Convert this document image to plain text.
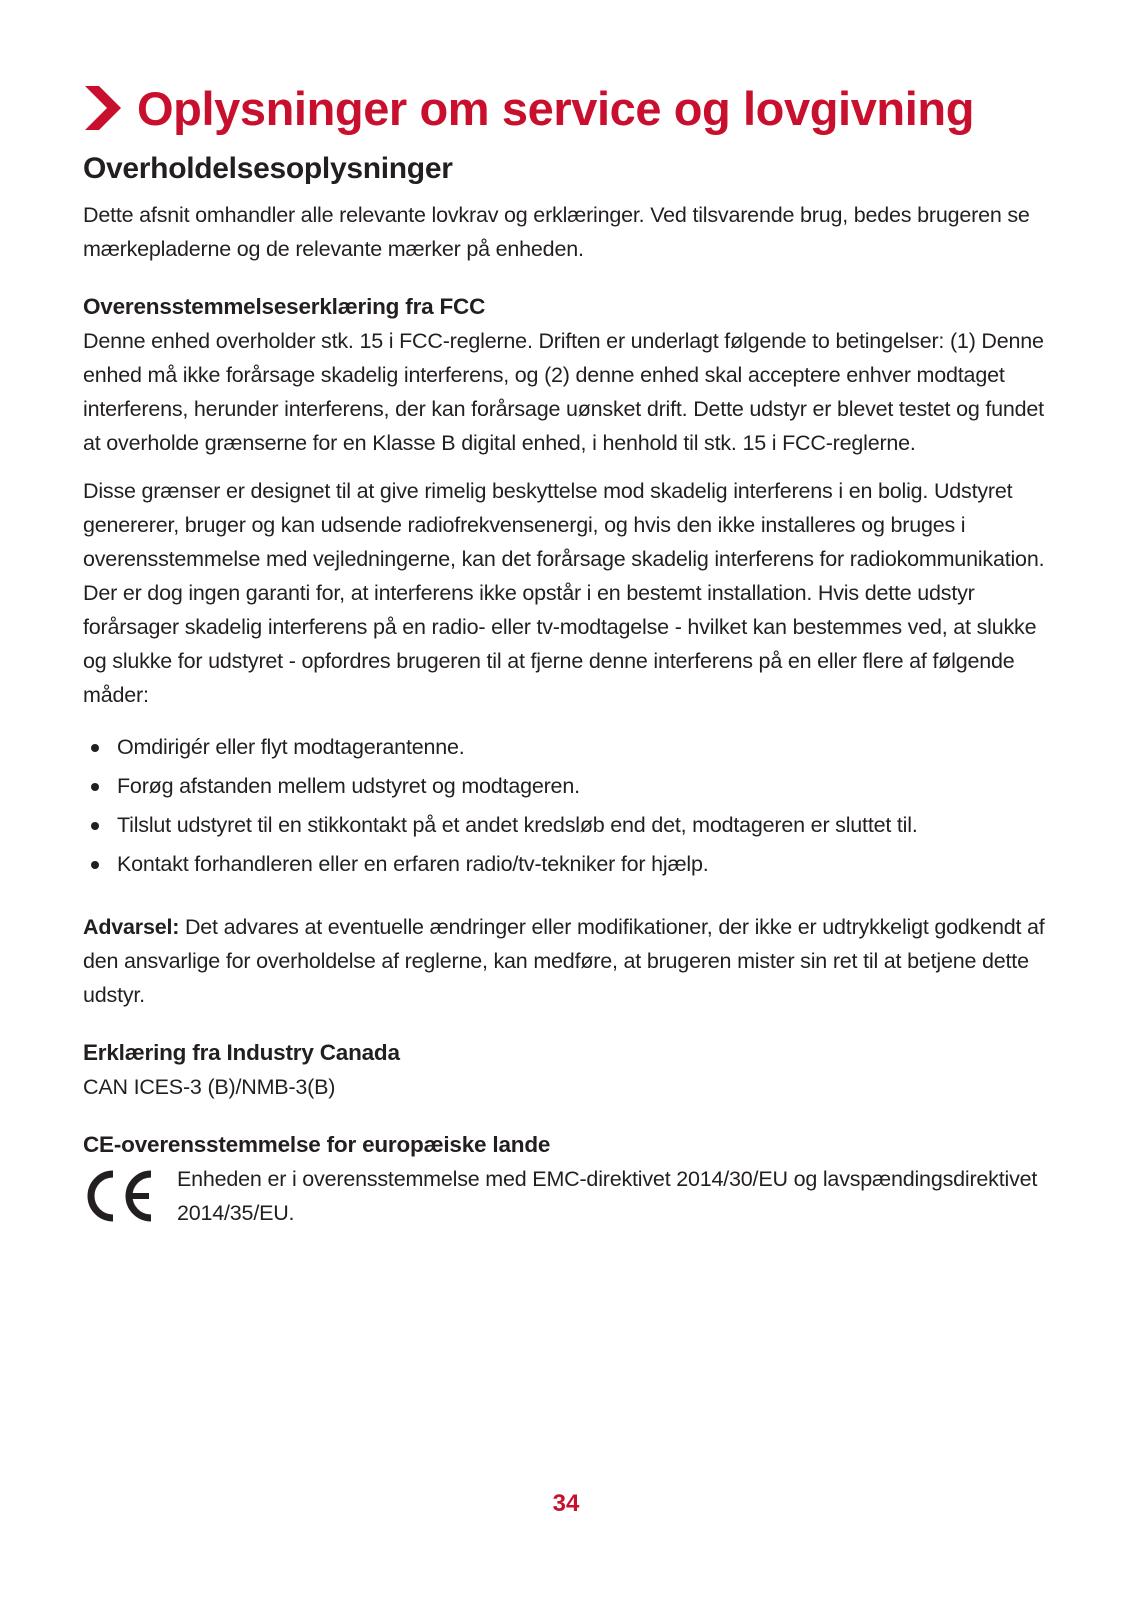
Oplysninger om service og lovgivning
Overholdelsesoplysninger

Dette afsnit omhandler alle relevante lovkrav og erklæringer. Ved tilsvarende brug, bedes brugeren se mærkepladerne og de relevante mærker på enheden.

Overensstemmelseserklæring fra FCC

Denne enhed overholder stk. 15 i FCC-reglerne. Driften er underlagt følgende to betingelser: (1) Denne enhed må ikke forårsage skadelig interferens, og (2) denne enhed skal acceptere enhver modtaget interferens, herunder interferens, der kan forårsage uønsket drift. Dette udstyr er blevet testet og fundet at overholde grænserne for en Klasse B digital enhed, i henhold til stk. 15 i FCC-reglerne.

Disse grænser er designet til at give rimelig beskyttelse mod skadelig interferens i en bolig. Udstyret genererer, bruger og kan udsende radiofrekvensenergi, og hvis den ikke installeres og bruges i overensstemmelse med vejledningerne, kan det forårsage skadelig interferens for radiokommunikation. Der er dog ingen garanti for, at interferens ikke opstår i en bestemt installation. Hvis dette udstyr forårsager skadelig interferens på en radio- eller tv-modtagelse - hvilket kan bestemmes ved, at slukke og slukke for udstyret - opfordres brugeren til at fjerne denne interferens på en eller flere af følgende måder:

Omdirigér eller flyt modtagerantenne.
Forøg afstanden mellem udstyret og modtageren.
Tilslut udstyret til en stikkontakt på et andet kredsløb end det, modtageren er sluttet til.
Kontakt forhandleren eller en erfaren radio/tv-tekniker for hjælp.

Advarsel: Det advares at eventuelle ændringer eller modifikationer, der ikke er udtrykkeligt godkendt af den ansvarlige for overholdelse af reglerne, kan medføre, at brugeren mister sin ret til at betjene dette udstyr.

Erklæring fra Industry Canada

CAN ICES-3 (B)/NMB-3(B)

CE-overensstemmelse for europæiske lande

Enheden er i overensstemmelse med EMC-direktivet 2014/30/EU og lavspændingsdirektivet 2014/35/EU.

34
